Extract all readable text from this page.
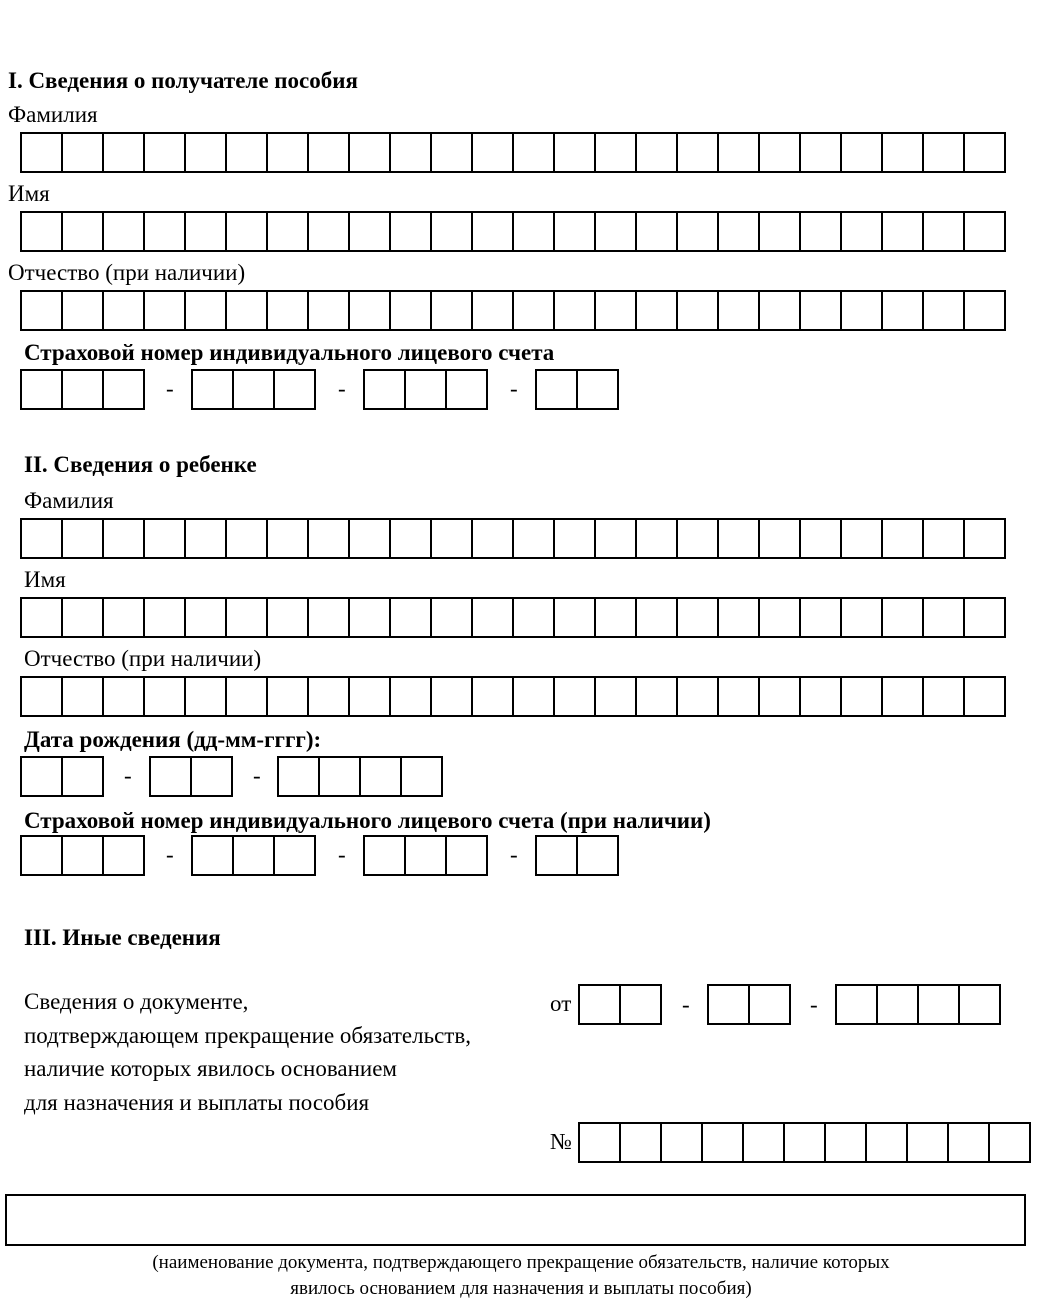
I. Сведения о получателе пособия
Фамилия
Имя
Отчество (при наличии)
Страховой номер индивидуального лицевого счета
-	-	-
II. Сведения о ребенке
Фамилия
Имя
Отчество (при наличии)
Дата рождения (дд-мм-гггг):
-	-
Страховой номер индивидуального лицевого счета (при наличии)
-	-	-
III. Иные сведения
Сведения о документе,
подтверждающем прекращение обязательств,
наличие которых явилось основанием
для назначения и выплаты пособия
от	-	-
№
(наименование документа, подтверждающего прекращение обязательств, наличие которых
явилось основанием для назначения и выплаты пособия)
